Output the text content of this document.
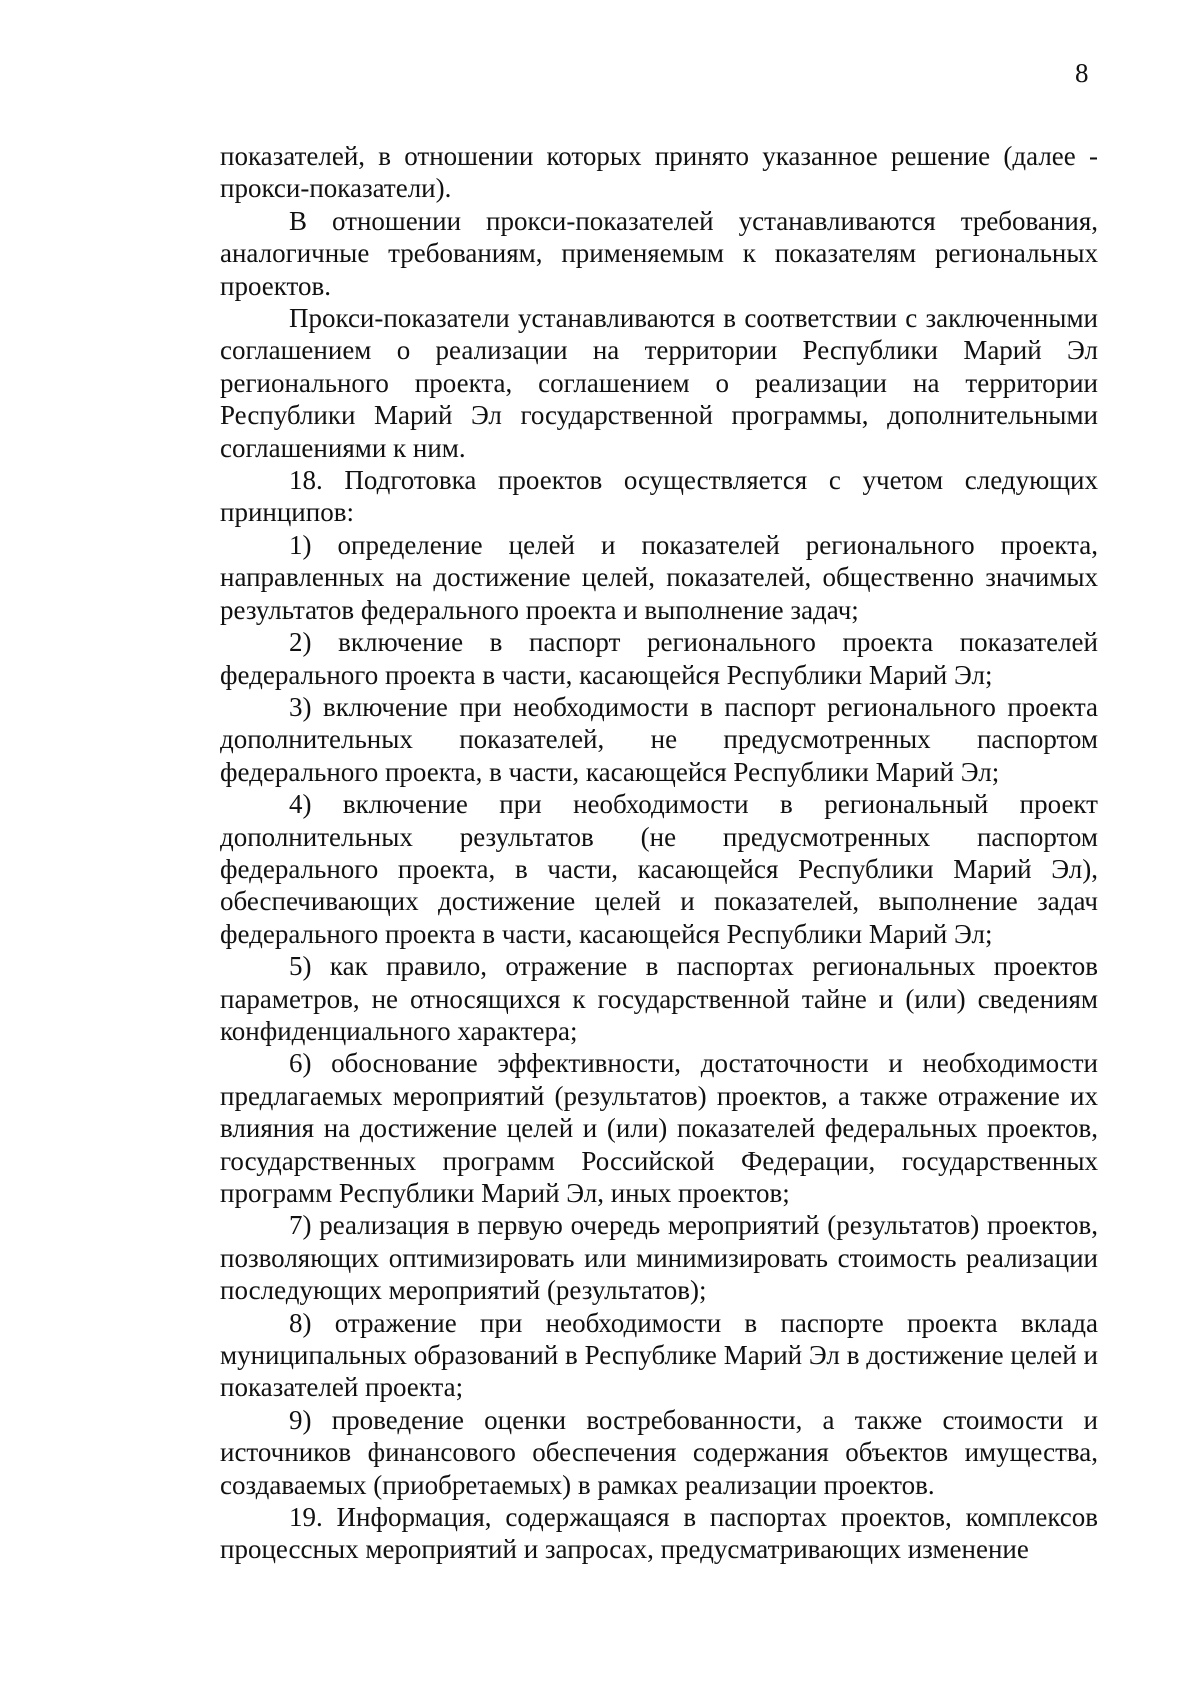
8

показателей, в отношении которых принято указанное решение (далее - прокси-показатели).

В отношении прокси-показателей устанавливаются требования, аналогичные требованиям, применяемым к показателям региональных проектов.

Прокси-показатели устанавливаются в соответствии с заключенными соглашением о реализации на территории Республики Марий Эл регионального проекта, соглашением о реализации на территории Республики Марий Эл государственной программы, дополнительными соглашениями к ним.

18. Подготовка проектов осуществляется с учетом следующих принципов:

1) определение целей и показателей регионального проекта, направленных на достижение целей, показателей, общественно значимых результатов федерального проекта и выполнение задач;

2) включение в паспорт регионального проекта показателей федерального проекта в части, касающейся Республики Марий Эл;

3) включение при необходимости в паспорт регионального проекта дополнительных показателей, не предусмотренных паспортом федерального проекта, в части, касающейся Республики Марий Эл;

4) включение при необходимости в региональный проект дополнительных результатов (не предусмотренных паспортом федерального проекта, в части, касающейся Республики Марий Эл), обеспечивающих достижение целей и показателей, выполнение задач федерального проекта в части, касающейся Республики Марий Эл;

5) как правило, отражение в паспортах региональных проектов параметров, не относящихся к государственной тайне и (или) сведениям конфиденциального характера;

6) обоснование эффективности, достаточности и необходимости предлагаемых мероприятий (результатов) проектов, а также отражение их влияния на достижение целей и (или) показателей федеральных проектов, государственных программ Российской Федерации, государственных программ Республики Марий Эл, иных проектов;

7) реализация в первую очередь мероприятий (результатов) проектов, позволяющих оптимизировать или минимизировать стоимость реализации последующих мероприятий (результатов);

8) отражение при необходимости в паспорте проекта вклада муниципальных образований в Республике Марий Эл в достижение целей и показателей проекта;

9) проведение оценки востребованности, а также стоимости и источников финансового обеспечения содержания объектов имущества, создаваемых (приобретаемых) в рамках реализации проектов.

19. Информация, содержащаяся в паспортах проектов, комплексов процессных мероприятий и запросах, предусматривающих изменение
